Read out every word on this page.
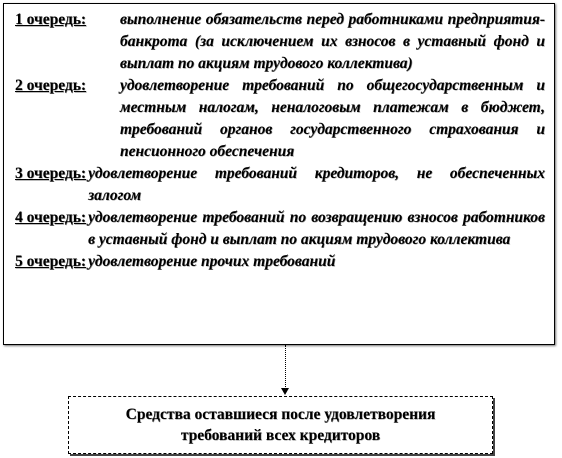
1 очередь:	выполнение обязательств перед работниками предприятия-банкрота (за исключением их взносов в уставный фонд и выплат по акциям трудового коллектива)
2 очередь:	удовлетворение требований по общегосударственным и местным налогам, неналоговым платежам в бюджет, требований органов государственного страхования и пенсионного обеспечения
3 очередь: удовлетворение требований кредиторов, не обеспеченных залогом
4 очередь: удовлетворение требований по возвращению взносов работников в уставный фонд и выплат по акциям трудового коллектива
5 очередь: удовлетворение прочих требований
Средства оставшиеся после удовлетворения
требований всех кредиторов
